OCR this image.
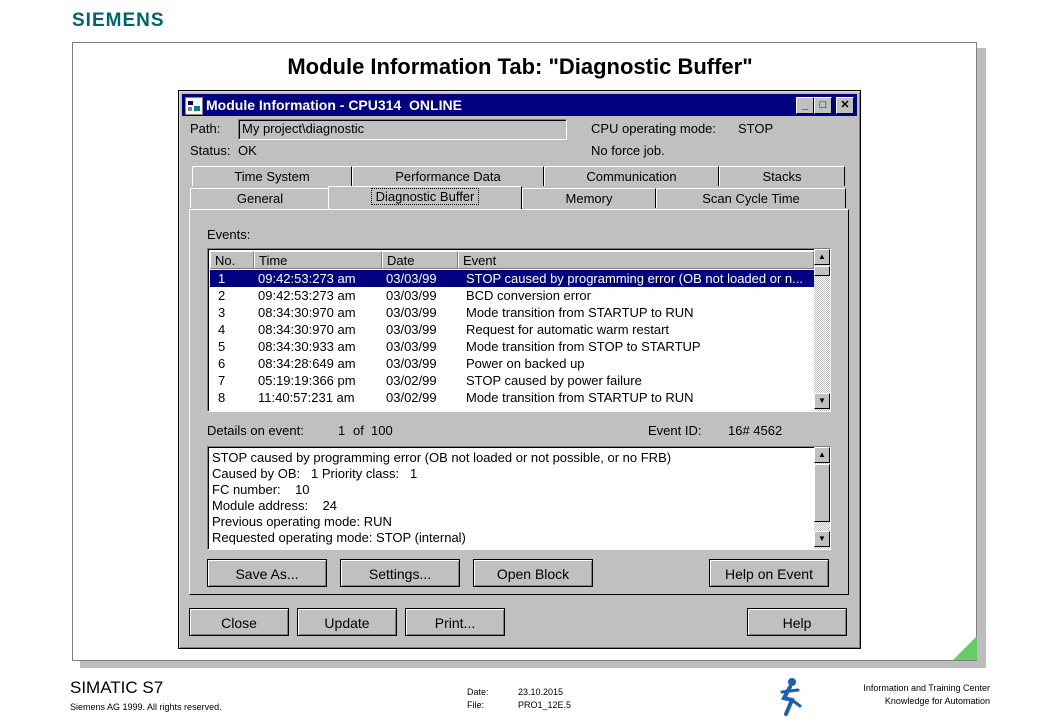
SIEMENS
Module Information Tab: "Diagnostic Buffer"
Module Information - CPU314  ONLINE	_	□	✕
Path:	My project\diagnostic
Status: OK
CPU operating mode: STOP
No force job.
Time System	Performance Data	Communication	Stacks
General	Diagnostic Buffer	Memory	Scan Cycle Time
Events:
No.	Time	Date	Event
1	09:42:53:273 am 03/03/99 STOP caused by programming error (OB not loaded or n...
2	09:42:53:273 am 03/03/99 BCD conversion error
3	08:34:30:970 am 03/03/99 Mode transition from STARTUP to RUN
4	08:34:30:970 am 03/03/99 Request for automatic warm restart
5	08:34:30:933 am 03/03/99 Mode transition from STOP to STARTUP
6	08:34:28:649 am 03/03/99 Power on backed up
7	05:19:19:366 pm 03/02/99 STOP caused by power failure
8	11:40:57:231 am 03/02/99 Mode transition from STARTUP to RUN
▲
▼
Details on event:	1 of 100	Event ID: 16# 4562
STOP caused by programming error (OB not loaded or not possible, or no FRB)
Caused by OB:   1 Priority class:   1
FC number:    10
Module address:    24
Previous operating mode: RUN
Requested operating mode: STOP (internal)
▲
▼
Save As...	Settings...	Open Block	Help on Event
Close	Update	Print...	Help
SIMATIC S7
Siemens AG 1999. All rights reserved.
Date:	23.10.2015
File:	PRO1_12E.5
Information and Training Center
Knowledge for Automation
